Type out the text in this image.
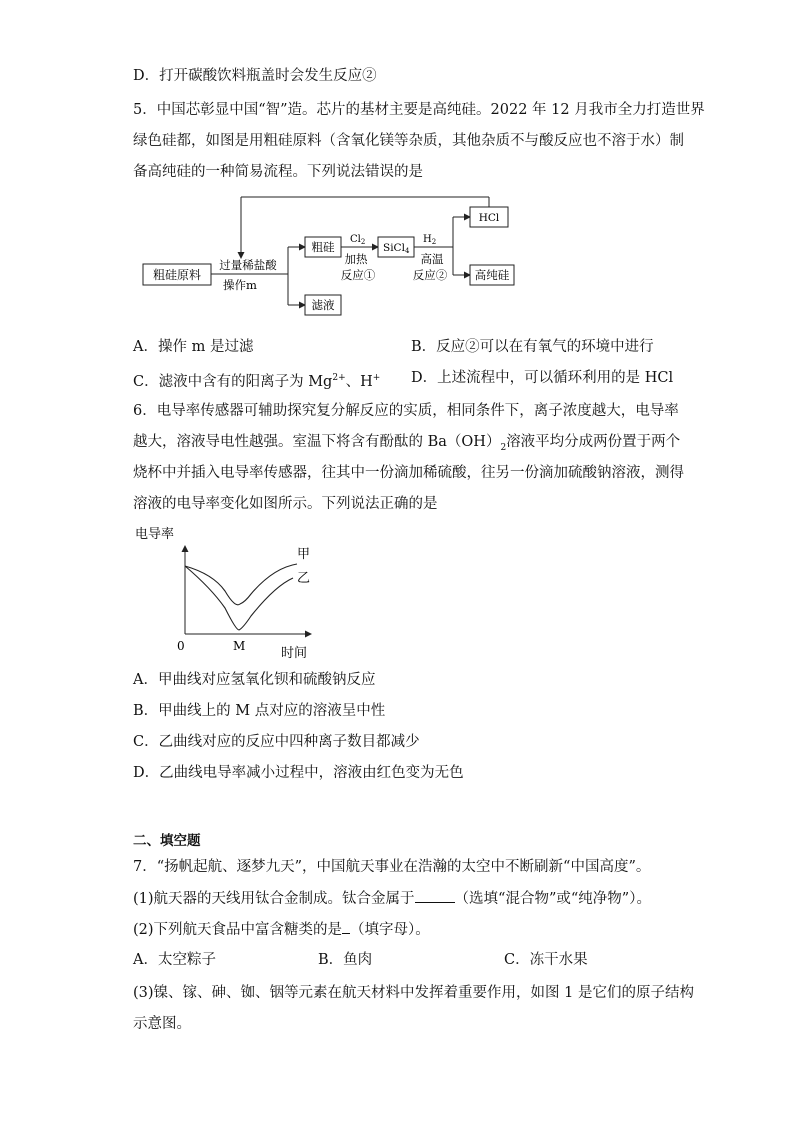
D．打开碳酸饮料瓶盖时会发生反应②
5．中国芯彰显中国“智”造。芯片的基材主要是高纯硅。2022 年 12 月我市全力打造世界
绿色硅都，如图是用粗硅原料（含氧化镁等杂质，其他杂质不与酸反应也不溶于水）制
备高纯硅的一种简易流程。下列说法错误的是
粗硅原料
过量稀盐酸
操作m
粗硅
滤液
$Cl_2$
加热
反应①
SiCl4
$H_2$
高温
反应②
HCl
高纯硅
A．操作 m 是过滤	B．反应②可以在有氧气的环境中进行
C．滤液中含有的阳离子为 $Mg^{2+}$、H+ D．上述流程中，可以循环利用的是 HCl
6．电导率传感器可辅助探究复分解反应的实质，相同条件下，离子浓度越大，电导率
越大，溶液导电性越强。室温下将含有酚酞的 $Ba(OH)_2$溶液平均分成两份置于两个
烧杯中并插入电导率传感器，往其中一份滴加稀硫酸，往另一份滴加硫酸钠溶液，测得
溶液的电导率变化如图所示。下列说法正确的是
电导率
0	M	时间
甲
乙
A．甲曲线对应氢氧化钡和硫酸钠反应
B．甲曲线上的 M 点对应的溶液呈中性
C．乙曲线对应的反应中四种离子数目都减少
D．乙曲线电导率减小过程中，溶液由红色变为无色
二、填空题
7．“扬帆起航、逐梦九天”，中国航天事业在浩瀚的太空中不断刷新“中国高度”。
(1)航天器的天线用钛合金制成。钛合金属于	（选填“混合物”或“纯净物”）。
(2)下列航天食品中富含糖类的是 （填字母）。
A．太空粽子	B．鱼肉	C．冻干水果
(3)镍、镓、砷、铷、铟等元素在航天材料中发挥着重要作用，如图 1 是它们的原子结构
示意图。
